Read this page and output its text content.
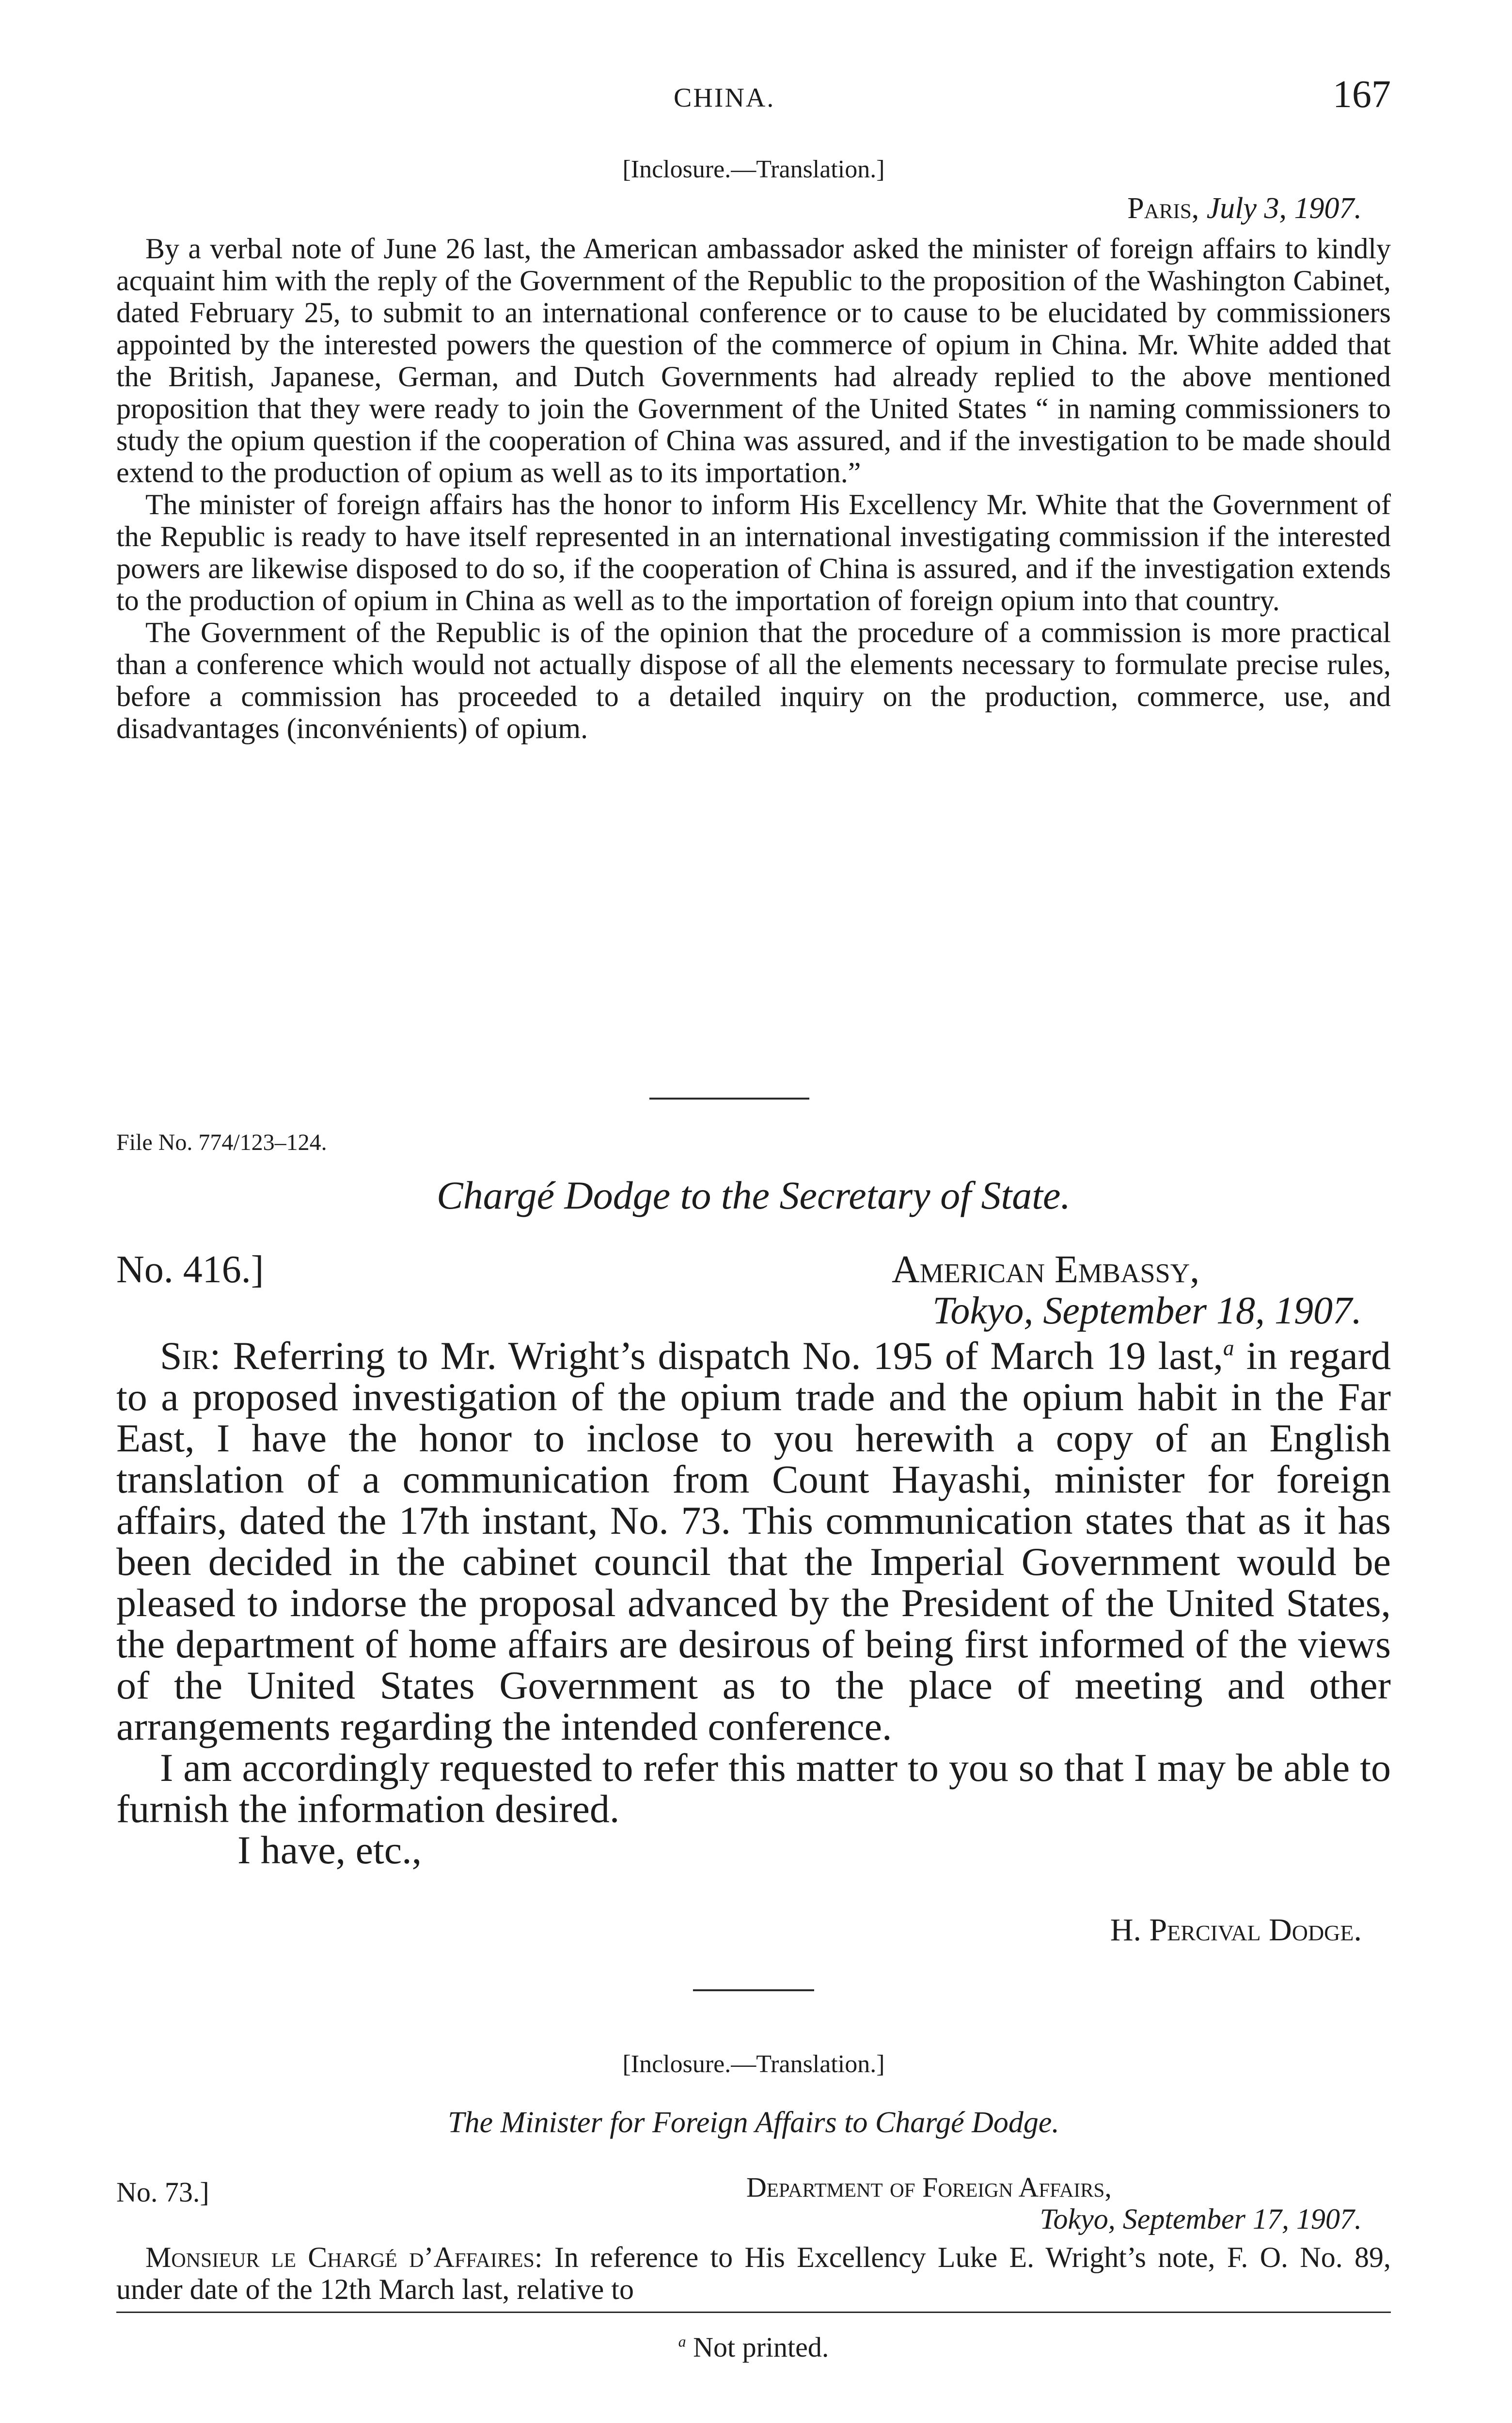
CHINA.	167
[Inclosure.—Translation.]
Paris, July 3, 1907.

By a verbal note of June 26 last, the American ambassador asked the minister of foreign affairs to kindly acquaint him with the reply of the Government of the Republic to the proposition of the Washington Cabinet, dated February 25, to submit to an international conference or to cause to be elucidated by commissioners appointed by the interested powers the question of the commerce of opium in China. Mr. White added that the British, Japanese, German, and Dutch Governments had already replied to the above mentioned proposition that they were ready to join the Government of the United States “ in naming commissioners to study the opium question if the cooperation of China was assured, and if the investigation to be made should extend to the production of opium as well as to its importation.”

The minister of foreign affairs has the honor to inform His Excellency Mr. White that the Government of the Republic is ready to have itself represented in an international investigating commission if the interested powers are likewise disposed to do so, if the cooperation of China is assured, and if the investigation extends to the production of opium in China as well as to the importation of foreign opium into that country.

The Government of the Republic is of the opinion that the procedure of a commission is more practical than a conference which would not actually dispose of all the elements necessary to formulate precise rules, before a commission has proceeded to a detailed inquiry on the production, commerce, use, and disadvantages (inconvénients) of opium.

File No. 774/123–124.
Chargé Dodge to the Secretary of State.
No. 416.]	American Embassy,
Tokyo, September 18, 1907.

Sir: Referring to Mr. Wright’s dispatch No. 195 of March 19 last,$^a$ in regard to a proposed investigation of the opium trade and the opium habit in the Far East, I have the honor to inclose to you herewith a copy of an English translation of a communication from Count Hayashi, minister for foreign affairs, dated the 17th instant, No. 73. This communication states that as it has been decided in the cabinet council that the Imperial Government would be pleased to indorse the proposal advanced by the President of the United States, the department of home affairs are desirous of being first informed of the views of the United States Government as to the place of meeting and other arrangements regarding the intended conference.

I am accordingly requested to refer this matter to you so that I may be able to furnish the information desired.

I have, etc.,

H. Percival Dodge.
[Inclosure.—Translation.]
The Minister for Foreign Affairs to Chargé Dodge.
No. 73.]	Department of Foreign Affairs,
Tokyo, September 17, 1907.

Monsieur le Chargé d’Affaires: In reference to His Excellency Luke E. Wright’s note, F. O. No. 89, under date of the 12th March last, relative to

$^a$ Not printed.
